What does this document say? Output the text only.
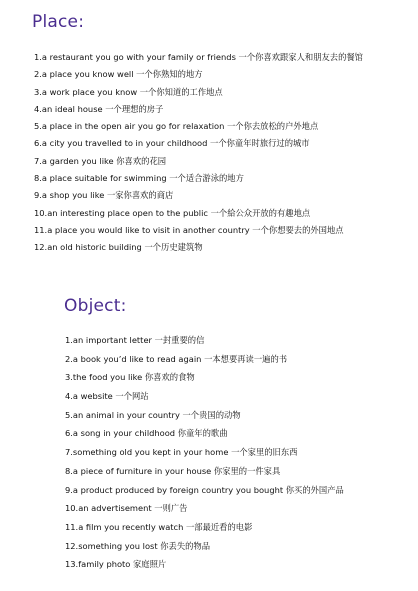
Place:
1.a restaurant you go with your family or friends 一个你喜欢跟家人和朋友去的餐馆
2.a place you know well 一个你熟知的地方
3.a work place you know 一个你知道的工作地点
4.an ideal house 一个理想的房子
5.a place in the open air you go for relaxation 一个你去放松的户外地点
6.a city you travelled to in your childhood 一个你童年时旅行过的城市
7.a garden you like 你喜欢的花园
8.a place suitable for swimming 一个适合游泳的地方
9.a shop you like 一家你喜欢的商店
10.an interesting place open to the public 一个給公众开放的有趣地点
11.a place you would like to visit in another country 一个你想要去的外国地点
12.an old historic building 一个历史建筑物
Object:
1.an important letter 一封重要的信
2.a book you’d like to read again 一本想要再读一遍的书
3.the food you like 你喜欢的食物
4.a website 一个网站
5.an animal in your country 一个贵国的动物
6.a song in your childhood 你童年的歌曲
7.something old you kept in your home 一个家里的旧东西
8.a piece of furniture in your house 你家里的一件家具
9.a product produced by foreign country you bought 你买的外国产品
10.an advertisement 一则广告
11.a film you recently watch 一部最近看的电影
12.something you lost 你丢失的物品
13.family photo 家庭照片
